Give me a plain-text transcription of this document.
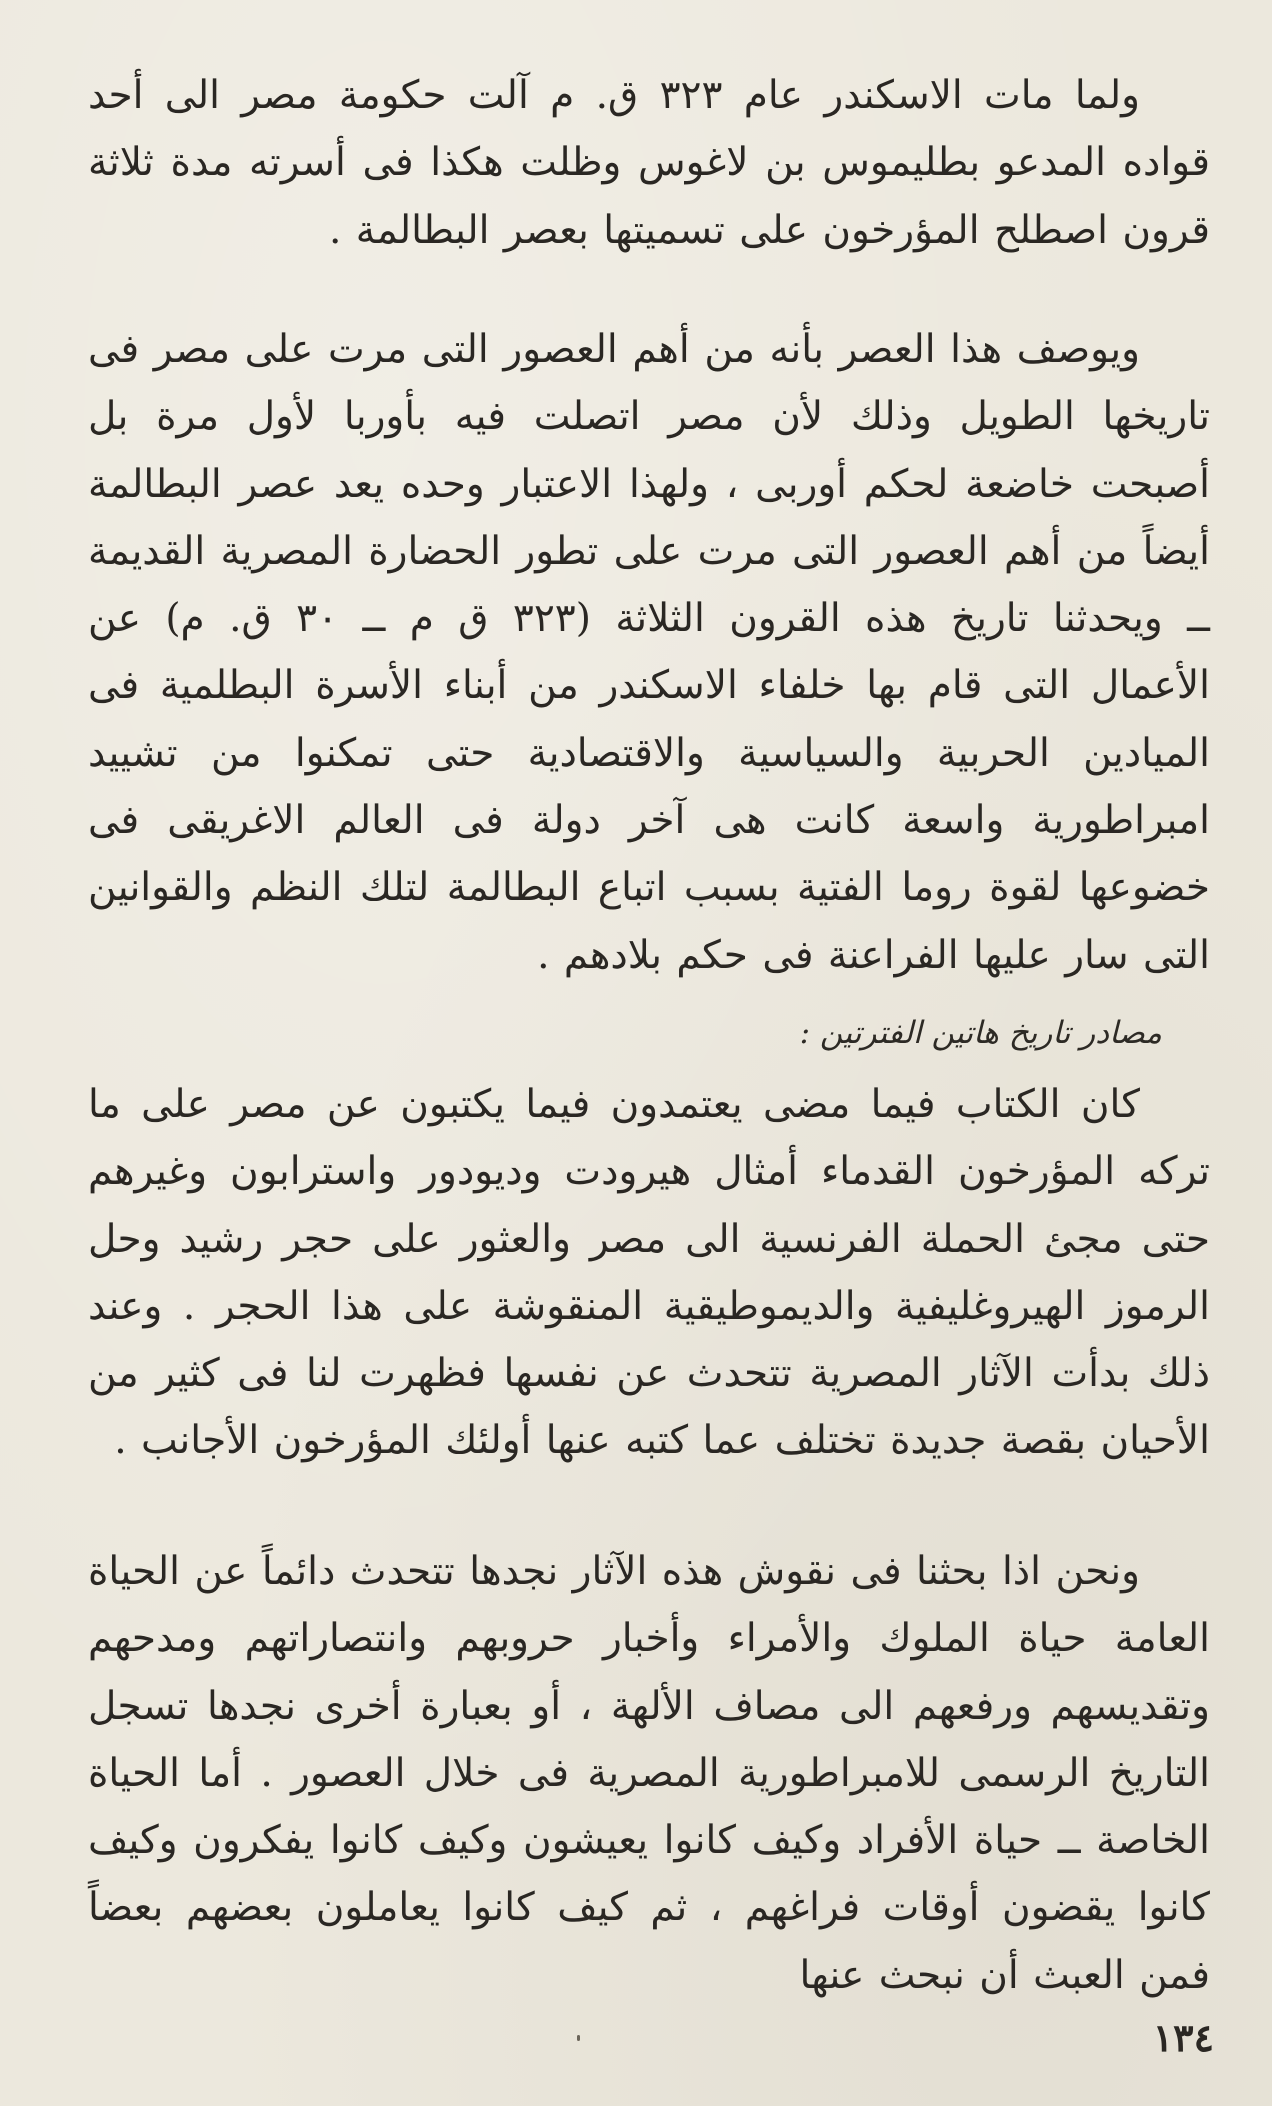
ولما مات الاسكندر عام ٣٢٣ ق. م آلت حكومة مصر الى أحد قواده المدعو بطليموس بن لاغوس وظلت هكذا فى أسرته مدة ثلاثة قرون اصطلح المؤرخون على تسميتها بعصر البطالمة .

ويوصف هذا العصر بأنه من أهم العصور التى مرت على مصر فى تاريخها الطويل وذلك لأن مصر اتصلت فيه بأوربا لأول مرة بل أصبحت خاضعة لحكم أوربى ، ولهذا الاعتبار وحده يعد عصر البطالمة أيضاً من أهم العصور التى مرت على تطور الحضارة المصرية القديمة ــ ويحدثنا تاريخ هذه القرون الثلاثة (٣٢٣ ق م ــ ٣٠ ق. م) عن الأعمال التى قام بها خلفاء الاسكندر من أبناء الأسرة البطلمية فى الميادين الحربية والسياسية والاقتصادية حتى تمكنوا من تشييد امبراطورية واسعة كانت هى آخر دولة فى العالم الاغريقى فى خضوعها لقوة روما الفتية بسبب اتباع البطالمة لتلك النظم والقوانين التى سار عليها الفراعنة فى حكم بلادهم .

مصادر تاريخ هاتين الفترتين :

كان الكتاب فيما مضى يعتمدون فيما يكتبون عن مصر على ما تركه المؤرخون القدماء أمثال هيرودت وديودور واسترابون وغيرهم حتى مجئ الحملة الفرنسية الى مصر والعثور على حجر رشيد وحل الرموز الهيروغليفية والديموطيقية المنقوشة على هذا الحجر . وعند ذلك بدأت الآثار المصرية تتحدث عن نفسها فظهرت لنا فى كثير من الأحيان بقصة جديدة تختلف عما كتبه عنها أولئك المؤرخون الأجانب .

ونحن اذا بحثنا فى نقوش هذه الآثار نجدها تتحدث دائماً عن الحياة العامة حياة الملوك والأمراء وأخبار حروبهم وانتصاراتهم ومدحهم وتقديسهم ورفعهم الى مصاف الألهة ، أو بعبارة أخرى نجدها تسجل التاريخ الرسمى للامبراطورية المصرية فى خلال العصور . أما الحياة الخاصة ــ حياة الأفراد وكيف كانوا يعيشون وكيف كانوا يفكرون وكيف كانوا يقضون أوقات فراغهم ، ثم كيف كانوا يعاملون بعضهم بعضاً فمن العبث أن نبحث عنها

١٣٤
